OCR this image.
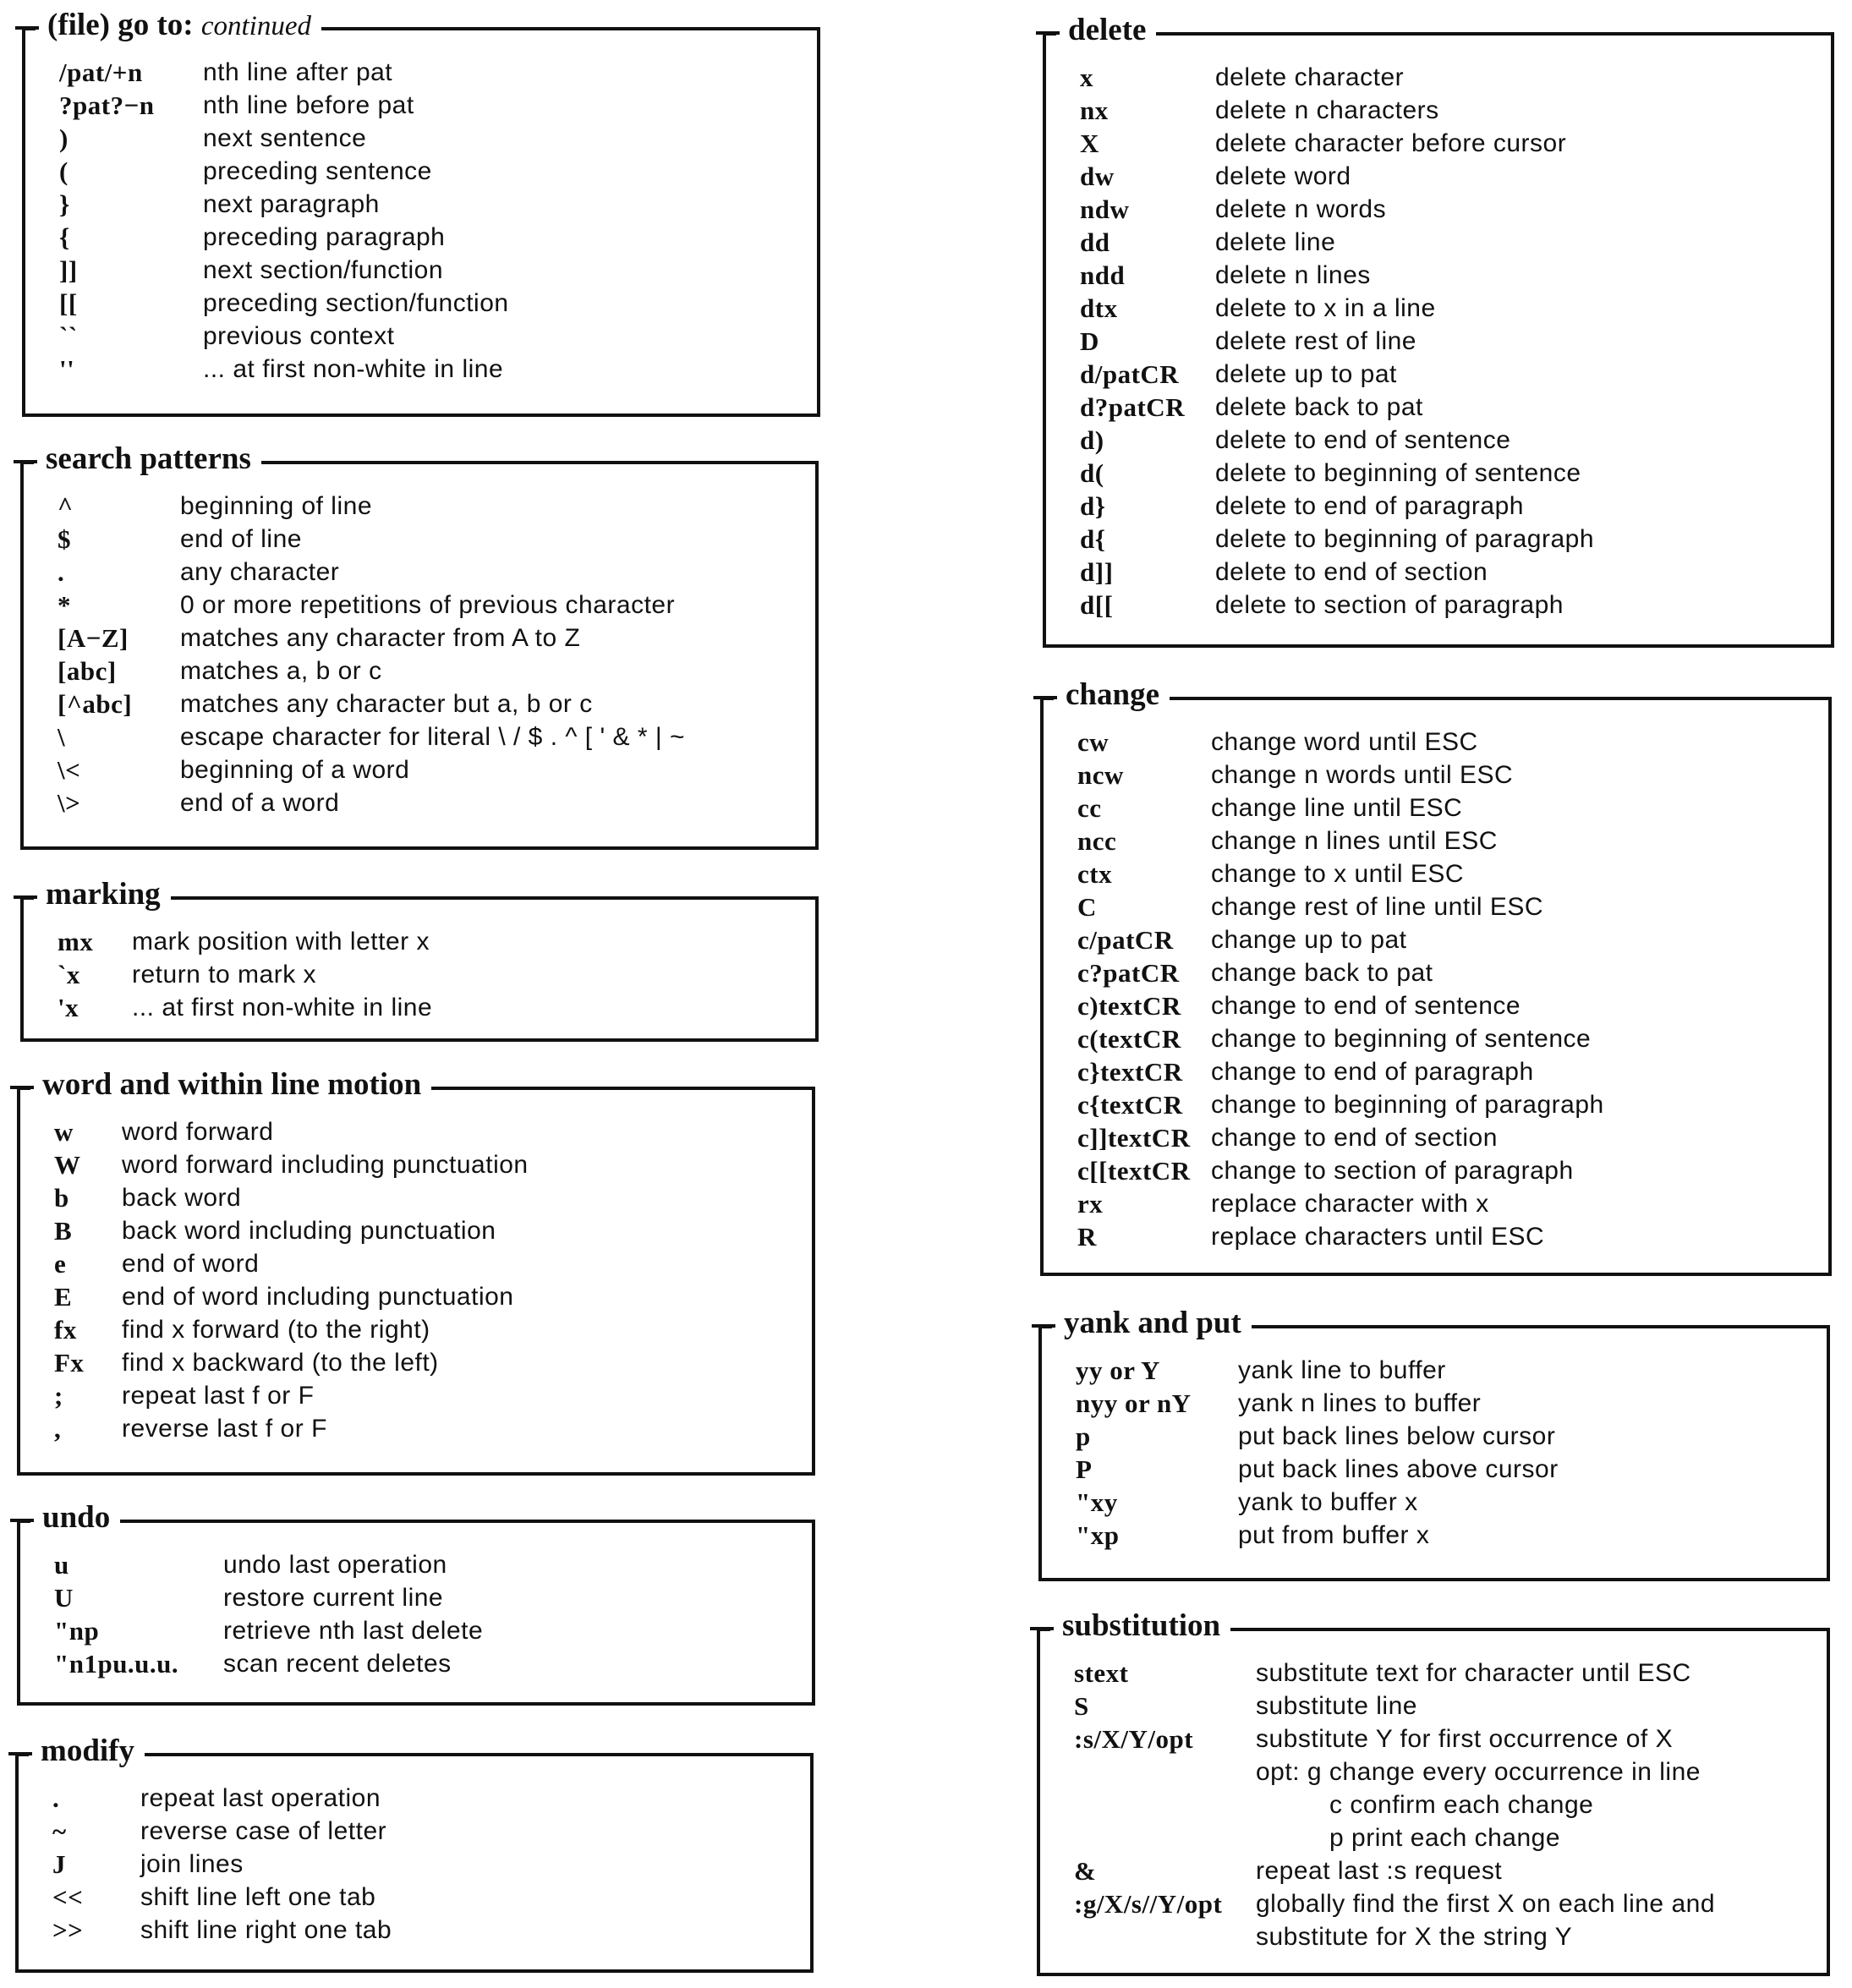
(file) go to: continued
/pat/+n nth line after pat
?pat?−n nth line before pat
)	next sentence
(	preceding sentence
}	next paragraph
{	preceding paragraph
]]	next section/function
[[	preceding section/function
``	previous context
''	... at first non-white in line
search patterns
^	beginning of line
$	end of line
.	any character
*	0 or more repetitions of previous character
[A−Z] matches any character from A to Z
[abc]	matches a, b or c
[^abc] matches any character but a, b or c
\	escape character for literal \ / $ . ^ [ ' & * | ~
\<	beginning of a word
\>	end of a word
marking
mx mark position with letter x
`x return to mark x
'x ... at first non-white in line
word and within line motion
w word forward
W word forward including punctuation
b back word
B back word including punctuation
e end of word
E end of word including punctuation
fx find x forward (to the right)
Fx find x backward (to the left)
; repeat last f or F
, reverse last f or F
undo
u	undo last operation
U	restore current line
"np	retrieve nth last delete
"n1pu.u.u. scan recent deletes
modify
.	repeat last operation
~	reverse case of letter
J	join lines
<< shift line left one tab
>> shift line right one tab
delete
x	delete character
nx	delete n characters
X	delete character before cursor
dw	delete word
ndw	delete n words
dd	delete line
ndd	delete n lines
dtx	delete to x in a line
D	delete rest of line
d/patCR delete up to pat
d?patCR delete back to pat
d)	delete to end of sentence
d(	delete to beginning of sentence
d}	delete to end of paragraph
d{	delete to beginning of paragraph
d]]	delete to end of section
d[[	delete to section of paragraph
change
cw	change word until ESC
ncw	change n words until ESC
cc	change line until ESC
ncc	change n lines until ESC
ctx	change to x until ESC
C	change rest of line until ESC
c/patCR change up to pat
c?patCR change back to pat
c)textCR change to end of sentence
c(textCR change to beginning of sentence
c}textCR change to end of paragraph
c{textCR change to beginning of paragraph
c]]textCR change to end of section
c[[textCR change to section of paragraph
rx	replace character with x
R	replace characters until ESC
yank and put
yy or Y	yank line to buffer
nyy or nY yank n lines to buffer
p	put back lines below cursor
P	put back lines above cursor
"xy	yank to buffer x
"xp	put from buffer x
substitution
stext	substitute text for character until ESC
S	substitute line
:s/X/Y/opt substitute Y for first occurrence of X
opt: g change every occurrence in line
c confirm each change
p print each change
&	repeat last :s request
:g/X/s//Y/opt globally find the first X on each line and
substitute for X the string Y
